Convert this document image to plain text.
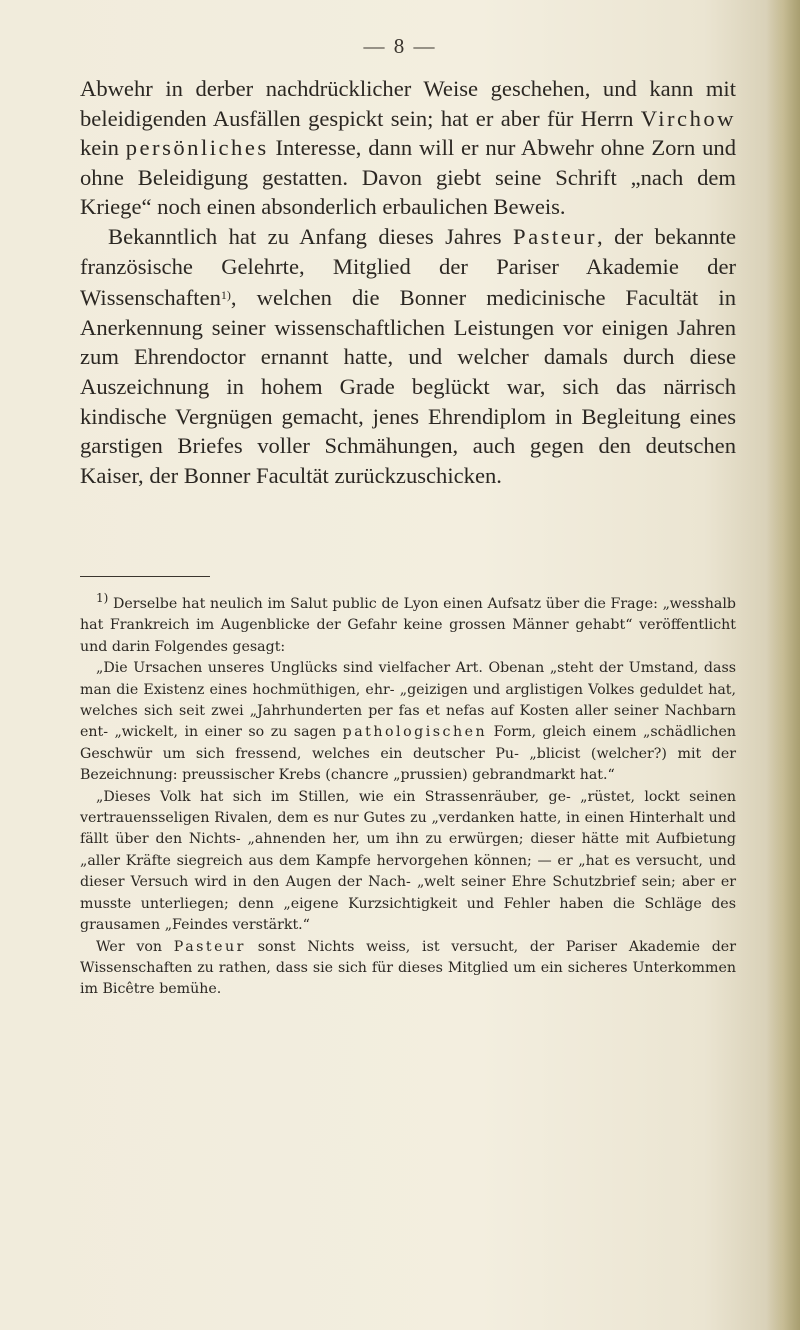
— 8 —

Abwehr in derber nachdrücklicher Weise geschehen, und kann mit beleidigenden Ausfällen gespickt sein; hat er aber für Herrn Virchow kein persönliches Interesse, dann will er nur Abwehr ohne Zorn und ohne Beleidigung gestatten. Davon giebt seine Schrift „nach dem Kriege“ noch einen absonderlich erbaulichen Beweis.

Bekanntlich hat zu Anfang dieses Jahres Pasteur, der bekannte französische Gelehrte, Mitglied der Pariser Akademie der Wissenschaften$^{1)}$, welchen die Bonner medicinische Facultät in Anerkennung seiner wissenschaftlichen Leistungen vor einigen Jahren zum Ehrendoctor ernannt hatte, und welcher damals durch diese Auszeichnung in hohem Grade beglückt war, sich das närrisch kindische Vergnügen gemacht, jenes Ehrendiplom in Begleitung eines garstigen Briefes voller Schmähungen, auch gegen den deutschen Kaiser, der Bonner Facultät zurückzuschicken.

$^{1)}$ Derselbe hat neulich im Salut public de Lyon einen Aufsatz über die Frage: „wesshalb hat Frankreich im Augenblicke der Gefahr keine grossen Männer gehabt“ veröffentlicht und darin Folgendes gesagt:

„Die Ursachen unseres Unglücks sind vielfacher Art. Obenan „steht der Umstand, dass man die Existenz eines hochmüthigen, ehr- „geizigen und arglistigen Volkes geduldet hat, welches sich seit zwei „Jahrhunderten per fas et nefas auf Kosten aller seiner Nachbarn ent- „wickelt, in einer so zu sagen pathologischen Form, gleich einem „schädlichen Geschwür um sich fressend, welches ein deutscher Pu- „blicist (welcher?) mit der Bezeichnung: preussischer Krebs (chancre „prussien) gebrandmarkt hat.“

„Dieses Volk hat sich im Stillen, wie ein Strassenräuber, ge- „rüstet, lockt seinen vertrauensseligen Rivalen, dem es nur Gutes zu „verdanken hatte, in einen Hinterhalt und fällt über den Nichts- „ahnenden her, um ihn zu erwürgen; dieser hätte mit Aufbietung „aller Kräfte siegreich aus dem Kampfe hervorgehen können; — er „hat es versucht, und dieser Versuch wird in den Augen der Nach- „welt seiner Ehre Schutzbrief sein; aber er musste unterliegen; denn „eigene Kurzsichtigkeit und Fehler haben die Schläge des grausamen „Feindes verstärkt.“

Wer von Pasteur sonst Nichts weiss, ist versucht, der Pariser Akademie der Wissenschaften zu rathen, dass sie sich für dieses Mitglied um ein sicheres Unterkommen im Bicêtre bemühe.
